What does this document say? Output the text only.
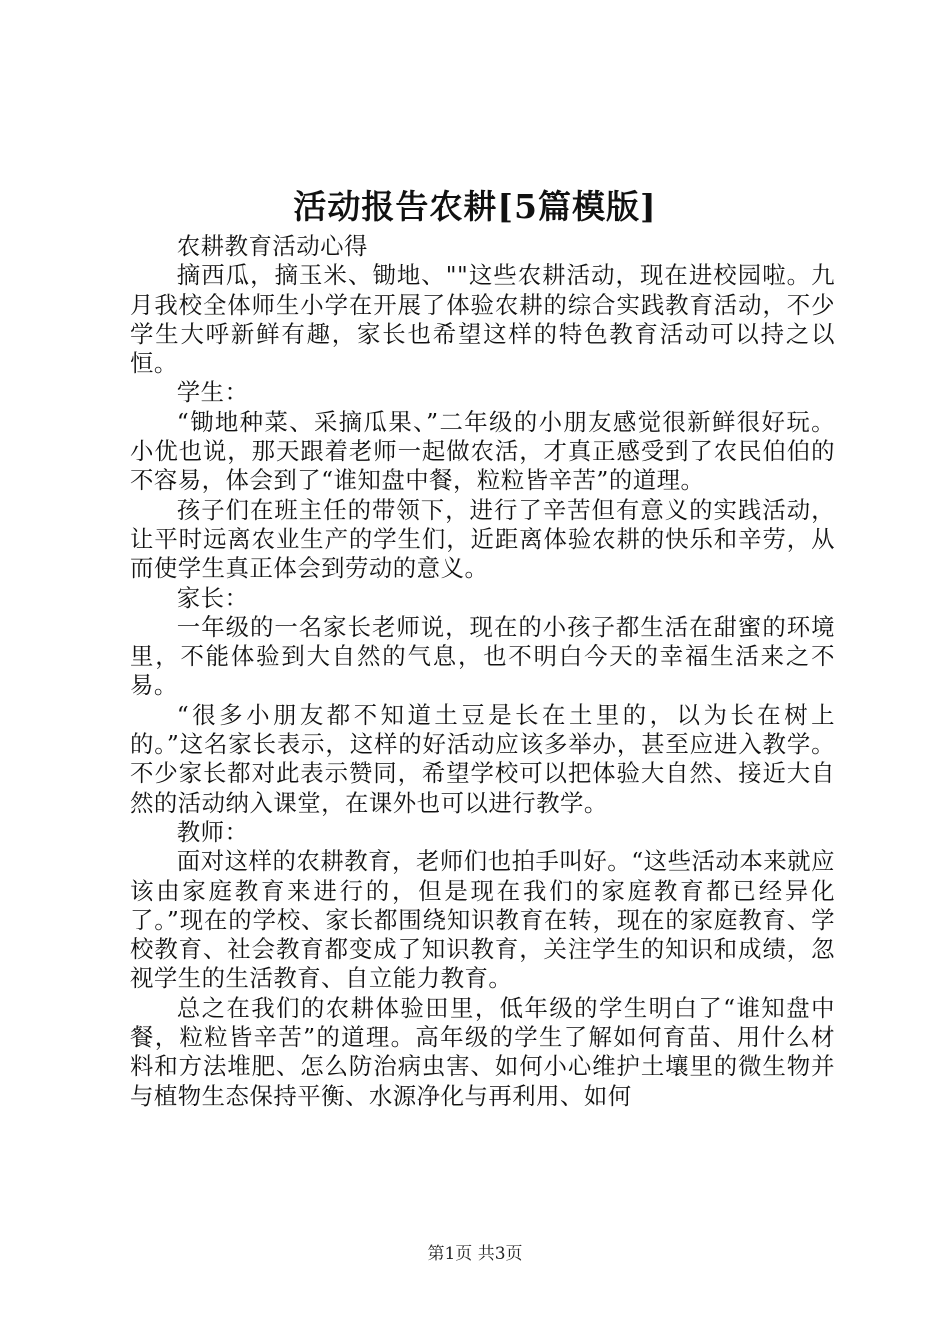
活动报告农耕[5篇模版]

农耕教育活动心得

摘西瓜，摘玉米、锄地、""这些农耕活动，现在进校园啦。九月我校全体师生小学在开展了体验农耕的综合实践教育活动，不少学生大呼新鲜有趣，家长也希望这样的特色教育活动可以持之以恒。

学生：

“锄地种菜、采摘瓜果、”二年级的小朋友感觉很新鲜很好玩。小优也说，那天跟着老师一起做农活，才真正感受到了农民伯伯的不容易，体会到了“谁知盘中餐，粒粒皆辛苦”的道理。

孩子们在班主任的带领下，进行了辛苦但有意义的实践活动，让平时远离农业生产的学生们，近距离体验农耕的快乐和辛劳，从而使学生真正体会到劳动的意义。

家长：

一年级的一名家长老师说，现在的小孩子都生活在甜蜜的环境里，不能体验到大自然的气息，也不明白今天的幸福生活来之不易。

“很多小朋友都不知道土豆是长在土里的，以为长在树上的。”这名家长表示，这样的好活动应该多举办，甚至应进入教学。不少家长都对此表示赞同，希望学校可以把体验大自然、接近大自然的活动纳入课堂，在课外也可以进行教学。

教师：

面对这样的农耕教育，老师们也拍手叫好。“这些活动本来就应该由家庭教育来进行的，但是现在我们的家庭教育都已经异化了。”现在的学校、家长都围绕知识教育在转，现在的家庭教育、学校教育、社会教育都变成了知识教育，关注学生的知识和成绩，忽视学生的生活教育、自立能力教育。

总之在我们的农耕体验田里，低年级的学生明白了“谁知盘中餐，粒粒皆辛苦”的道理。高年级的学生了解如何育苗、用什么材料和方法堆肥、怎么防治病虫害、如何小心维护土壤里的微生物并与植物生态保持平衡、水源净化与再利用、如何

第1页 共3页
